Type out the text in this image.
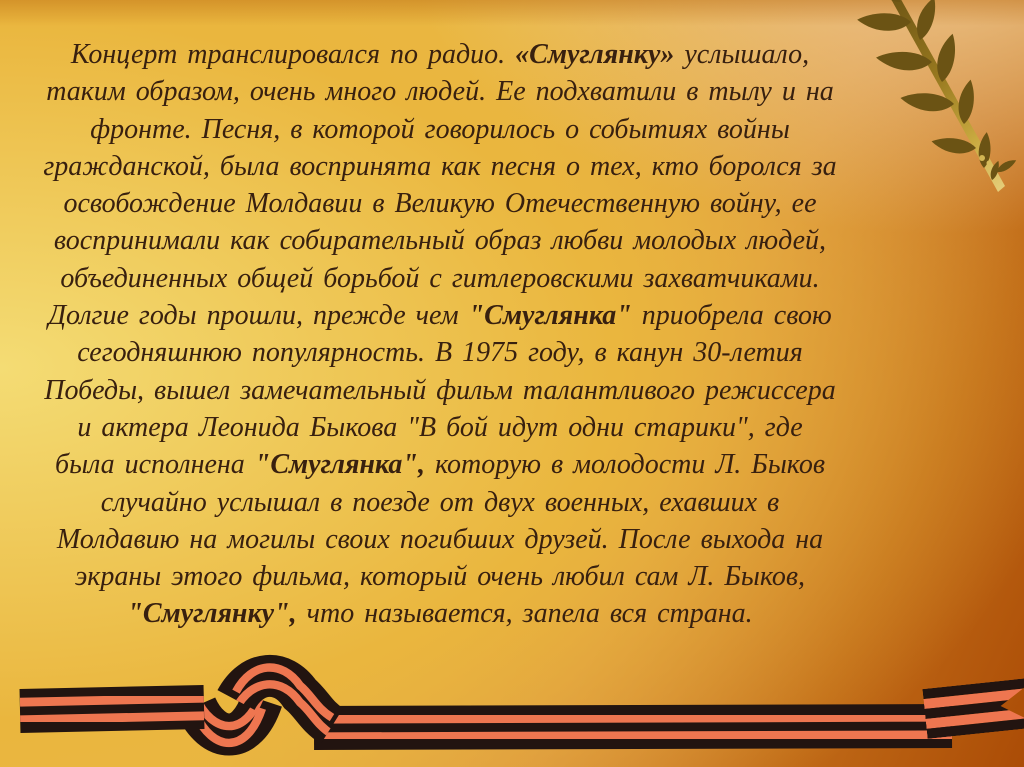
Концерт транслировался по радио. «Смуглянку» услышало,
таким образом, очень много людей. Ее подхватили в тылу и на
фронте. Песня, в которой говорилось о событиях войны
гражданской, была воспринята как песня о тех, кто боролся за
освобождение Молдавии в Великую Отечественную войну, ее
воспринимали как собирательный образ любви молодых людей,
объединенных общей борьбой с гитлеровскими захватчиками.
Долгие годы прошли, прежде чем "Смуглянка" приобрела свою
сегодняшнюю популярность. В 1975 году, в канун 30-летия
Победы, вышел замечательный фильм талантливого режиссера
и актера Леонида Быкова "В бой идут одни старики", где
была исполнена "Смуглянка", которую в молодости Л. Быков
случайно услышал в поезде от двух военных, ехавших в
Молдавию на могилы своих погибших друзей. После выхода на
экраны этого фильма, который очень любил сам Л. Быков,
"Смуглянку", что называется, запела вся страна.
